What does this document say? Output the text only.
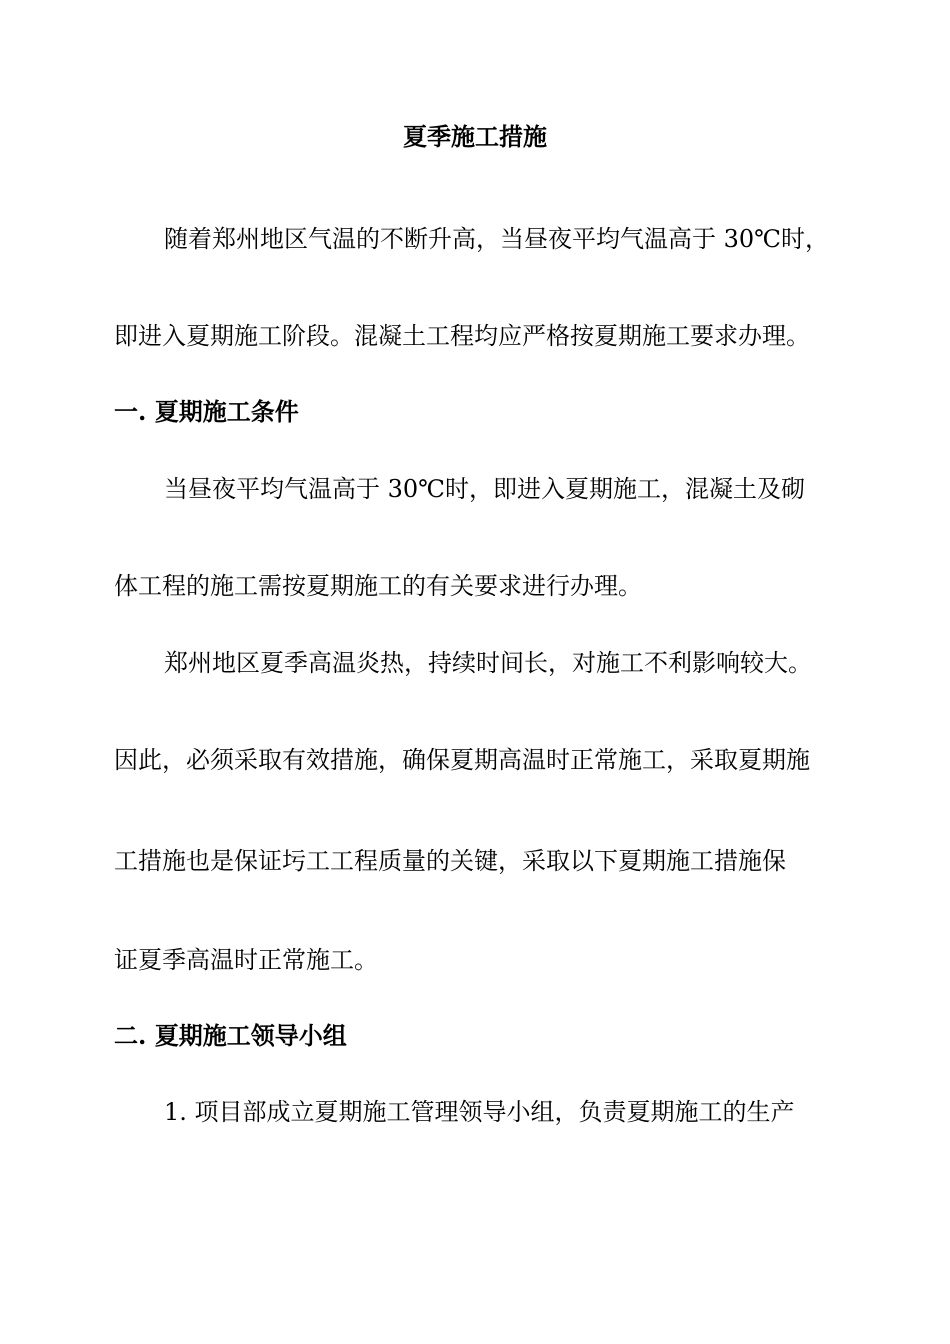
夏季施工措施
随着郑州地区气温的不断升高，当昼夜平均气温高于 30℃时，
即进入夏期施工阶段。混凝土工程均应严格按夏期施工要求办理。
一. 夏期施工条件
当昼夜平均气温高于 30℃时，即进入夏期施工，混凝土及砌
体工程的施工需按夏期施工的有关要求进行办理。
郑州地区夏季高温炎热，持续时间长，对施工不利影响较大。
因此，必须采取有效措施，确保夏期高温时正常施工，采取夏期施
工措施也是保证圬工工程质量的关键，采取以下夏期施工措施保
证夏季高温时正常施工。
二. 夏期施工领导小组
1. 项目部成立夏期施工管理领导小组，负责夏期施工的生产
